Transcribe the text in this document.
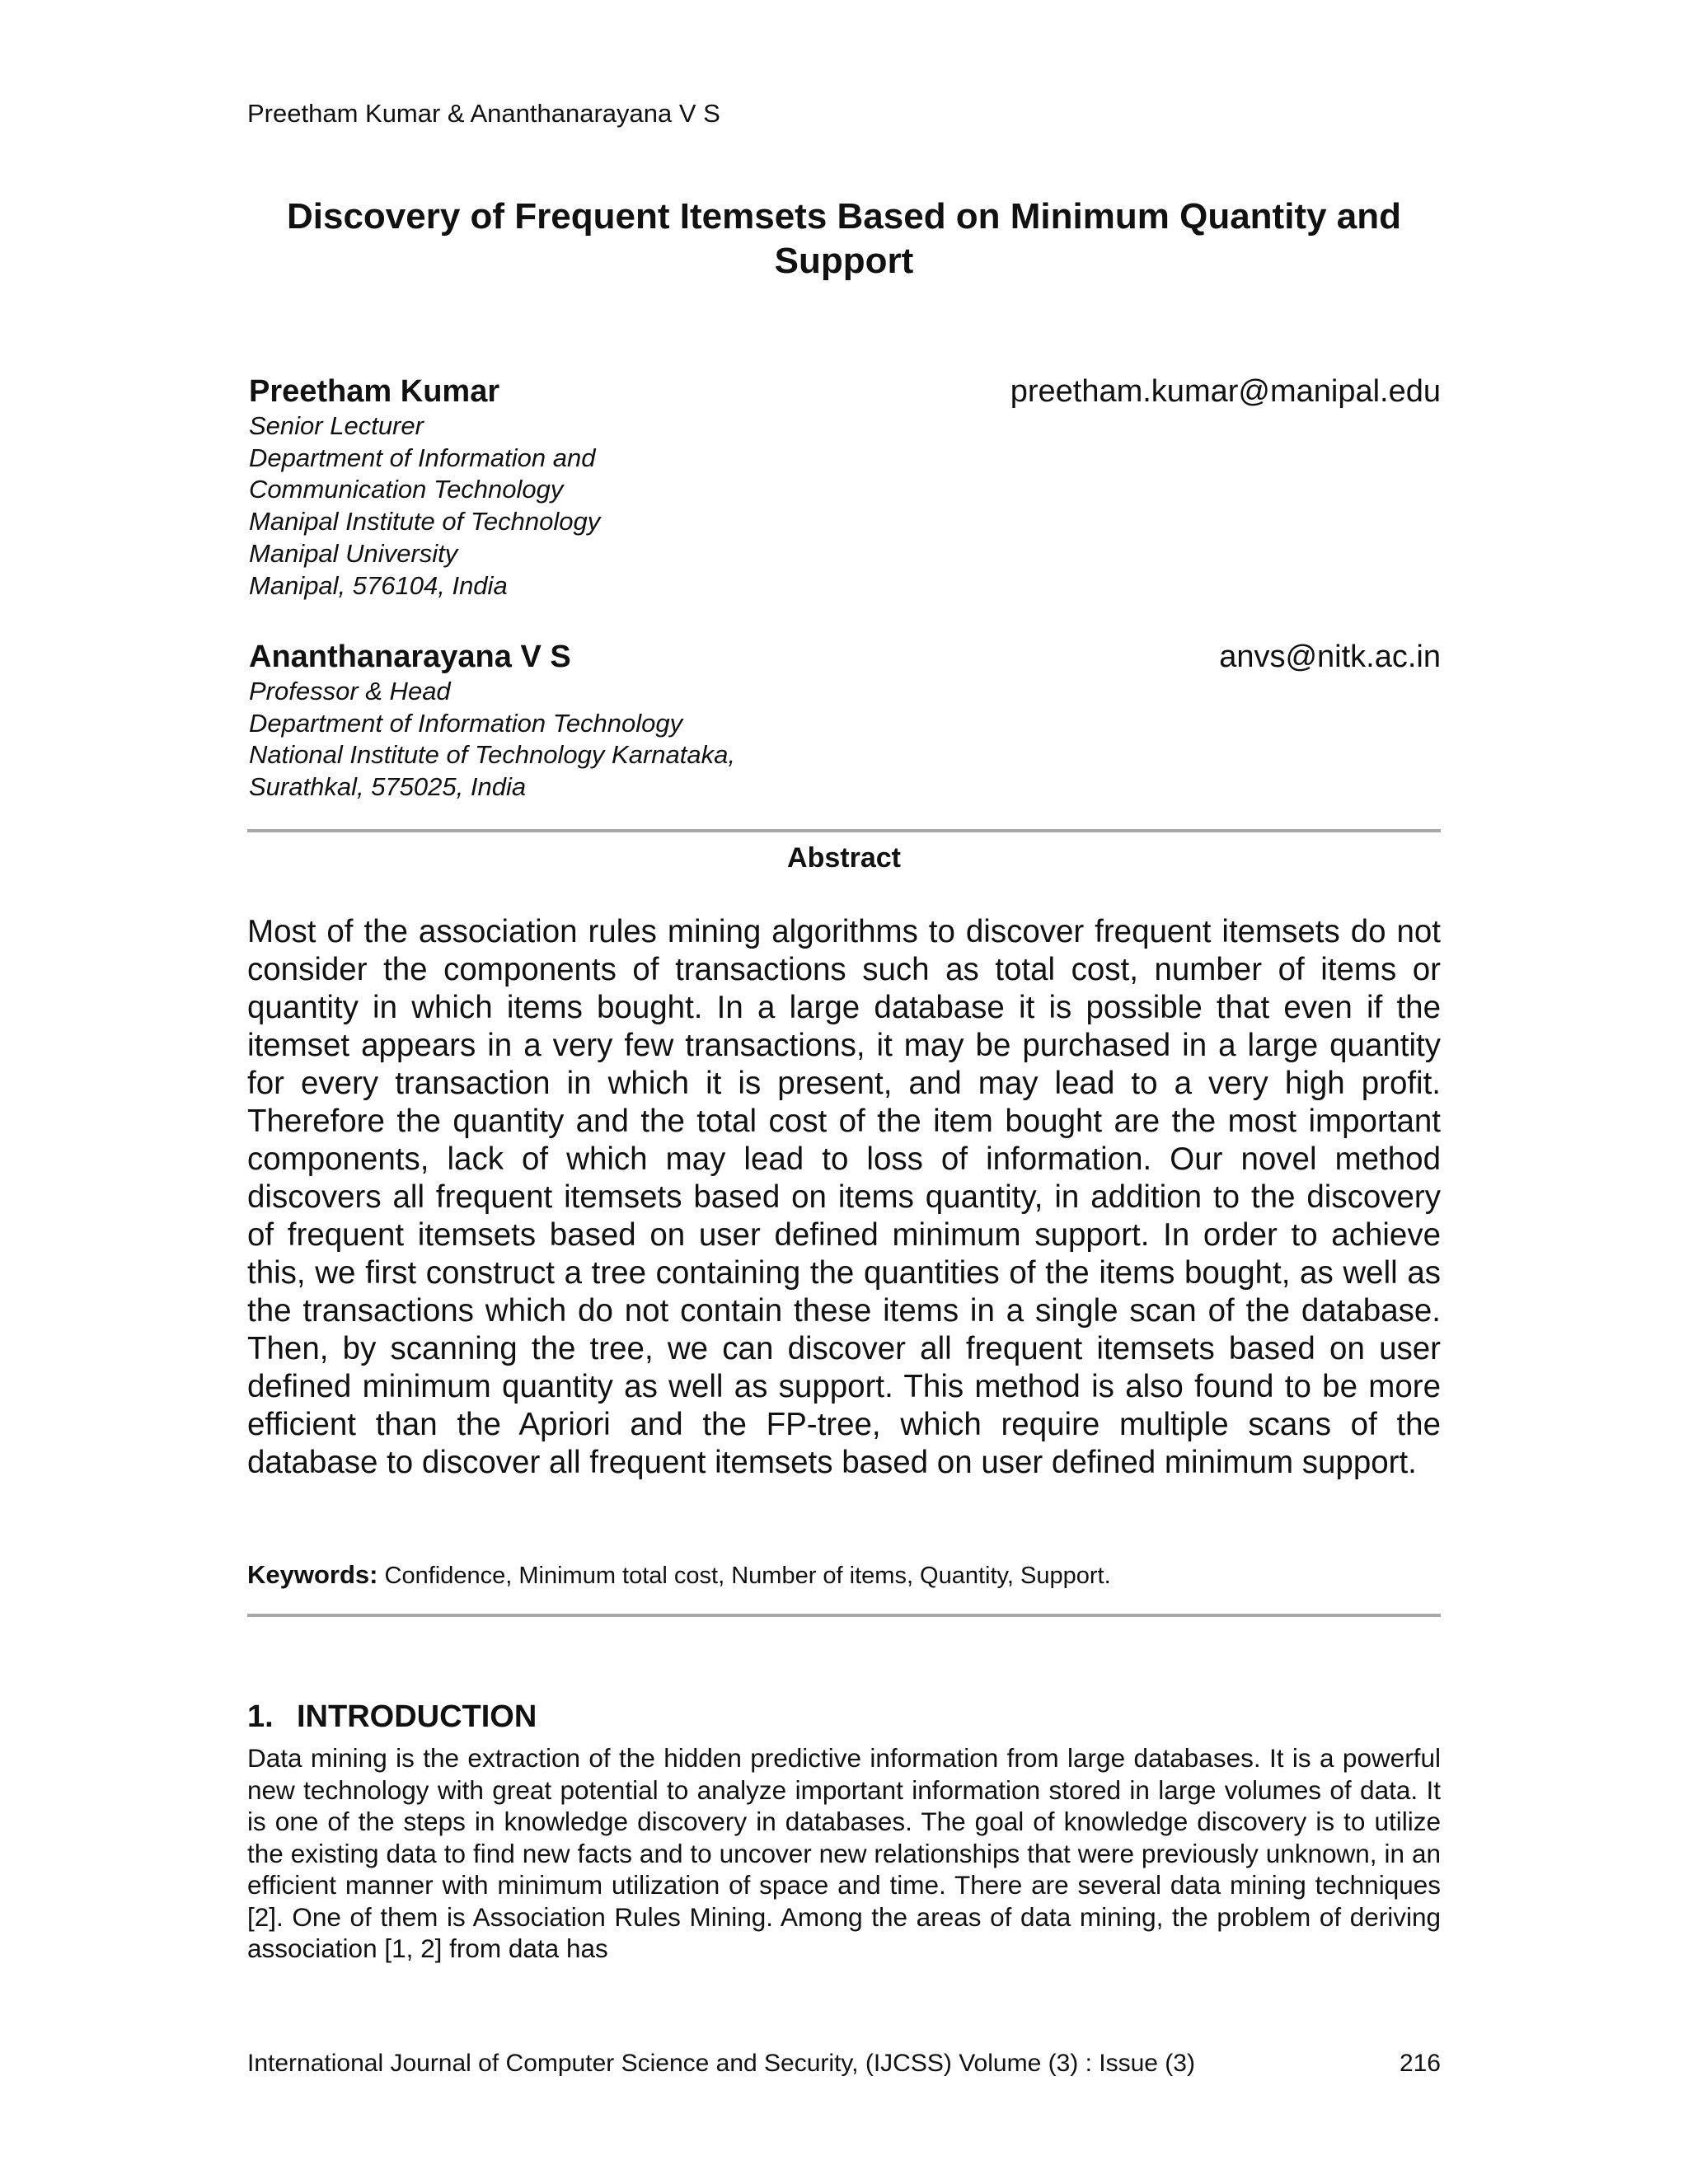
Preetham Kumar & Ananthanarayana V S
Discovery of Frequent Itemsets Based on Minimum Quantity and Support
Preetham Kumar	preetham.kumar@manipal.edu
Senior Lecturer
Department of Information and
Communication Technology
Manipal Institute of Technology
Manipal University
Manipal, 576104, India
Ananthanarayana V S	anvs@nitk.ac.in
Professor & Head
Department of Information Technology
National Institute of Technology Karnataka,
Surathkal, 575025, India
Abstract
Most of the association rules mining algorithms to discover frequent itemsets do not consider the components of transactions such as total cost, number of items or quantity in which items bought. In a large database it is possible that even if the itemset appears in a very few transactions, it may be purchased in a large quantity for every transaction in which it is present, and may lead to a very high profit. Therefore the quantity and the total cost of the item bought are the most important components, lack of which may lead to loss of information. Our novel method discovers all frequent itemsets based on items quantity, in addition to the discovery of frequent itemsets based on user defined minimum support. In order to achieve this, we first construct a tree containing the quantities of the items bought, as well as the transactions which do not contain these items in a single scan of the database. Then, by scanning the tree, we can discover all frequent itemsets based on user defined minimum quantity as well as support. This method is also found to be more efficient than the Apriori and the FP-tree, which require multiple scans of the database to discover all frequent itemsets based on user defined minimum support.
Keywords: Confidence, Minimum total cost, Number of items, Quantity, Support.
1. INTRODUCTION
Data mining is the extraction of the hidden predictive information from large databases. It is a powerful new technology with great potential to analyze important information stored in large volumes of data. It is one of the steps in knowledge discovery in databases. The goal of knowledge discovery is to utilize the existing data to find new facts and to uncover new relationships that were previously unknown, in an efficient manner with minimum utilization of space and time. There are several data mining techniques [2]. One of them is Association Rules Mining. Among the areas of data mining, the problem of deriving association [1, 2] from data has
International Journal of Computer Science and Security, (IJCSS) Volume (3) : Issue (3)	216
